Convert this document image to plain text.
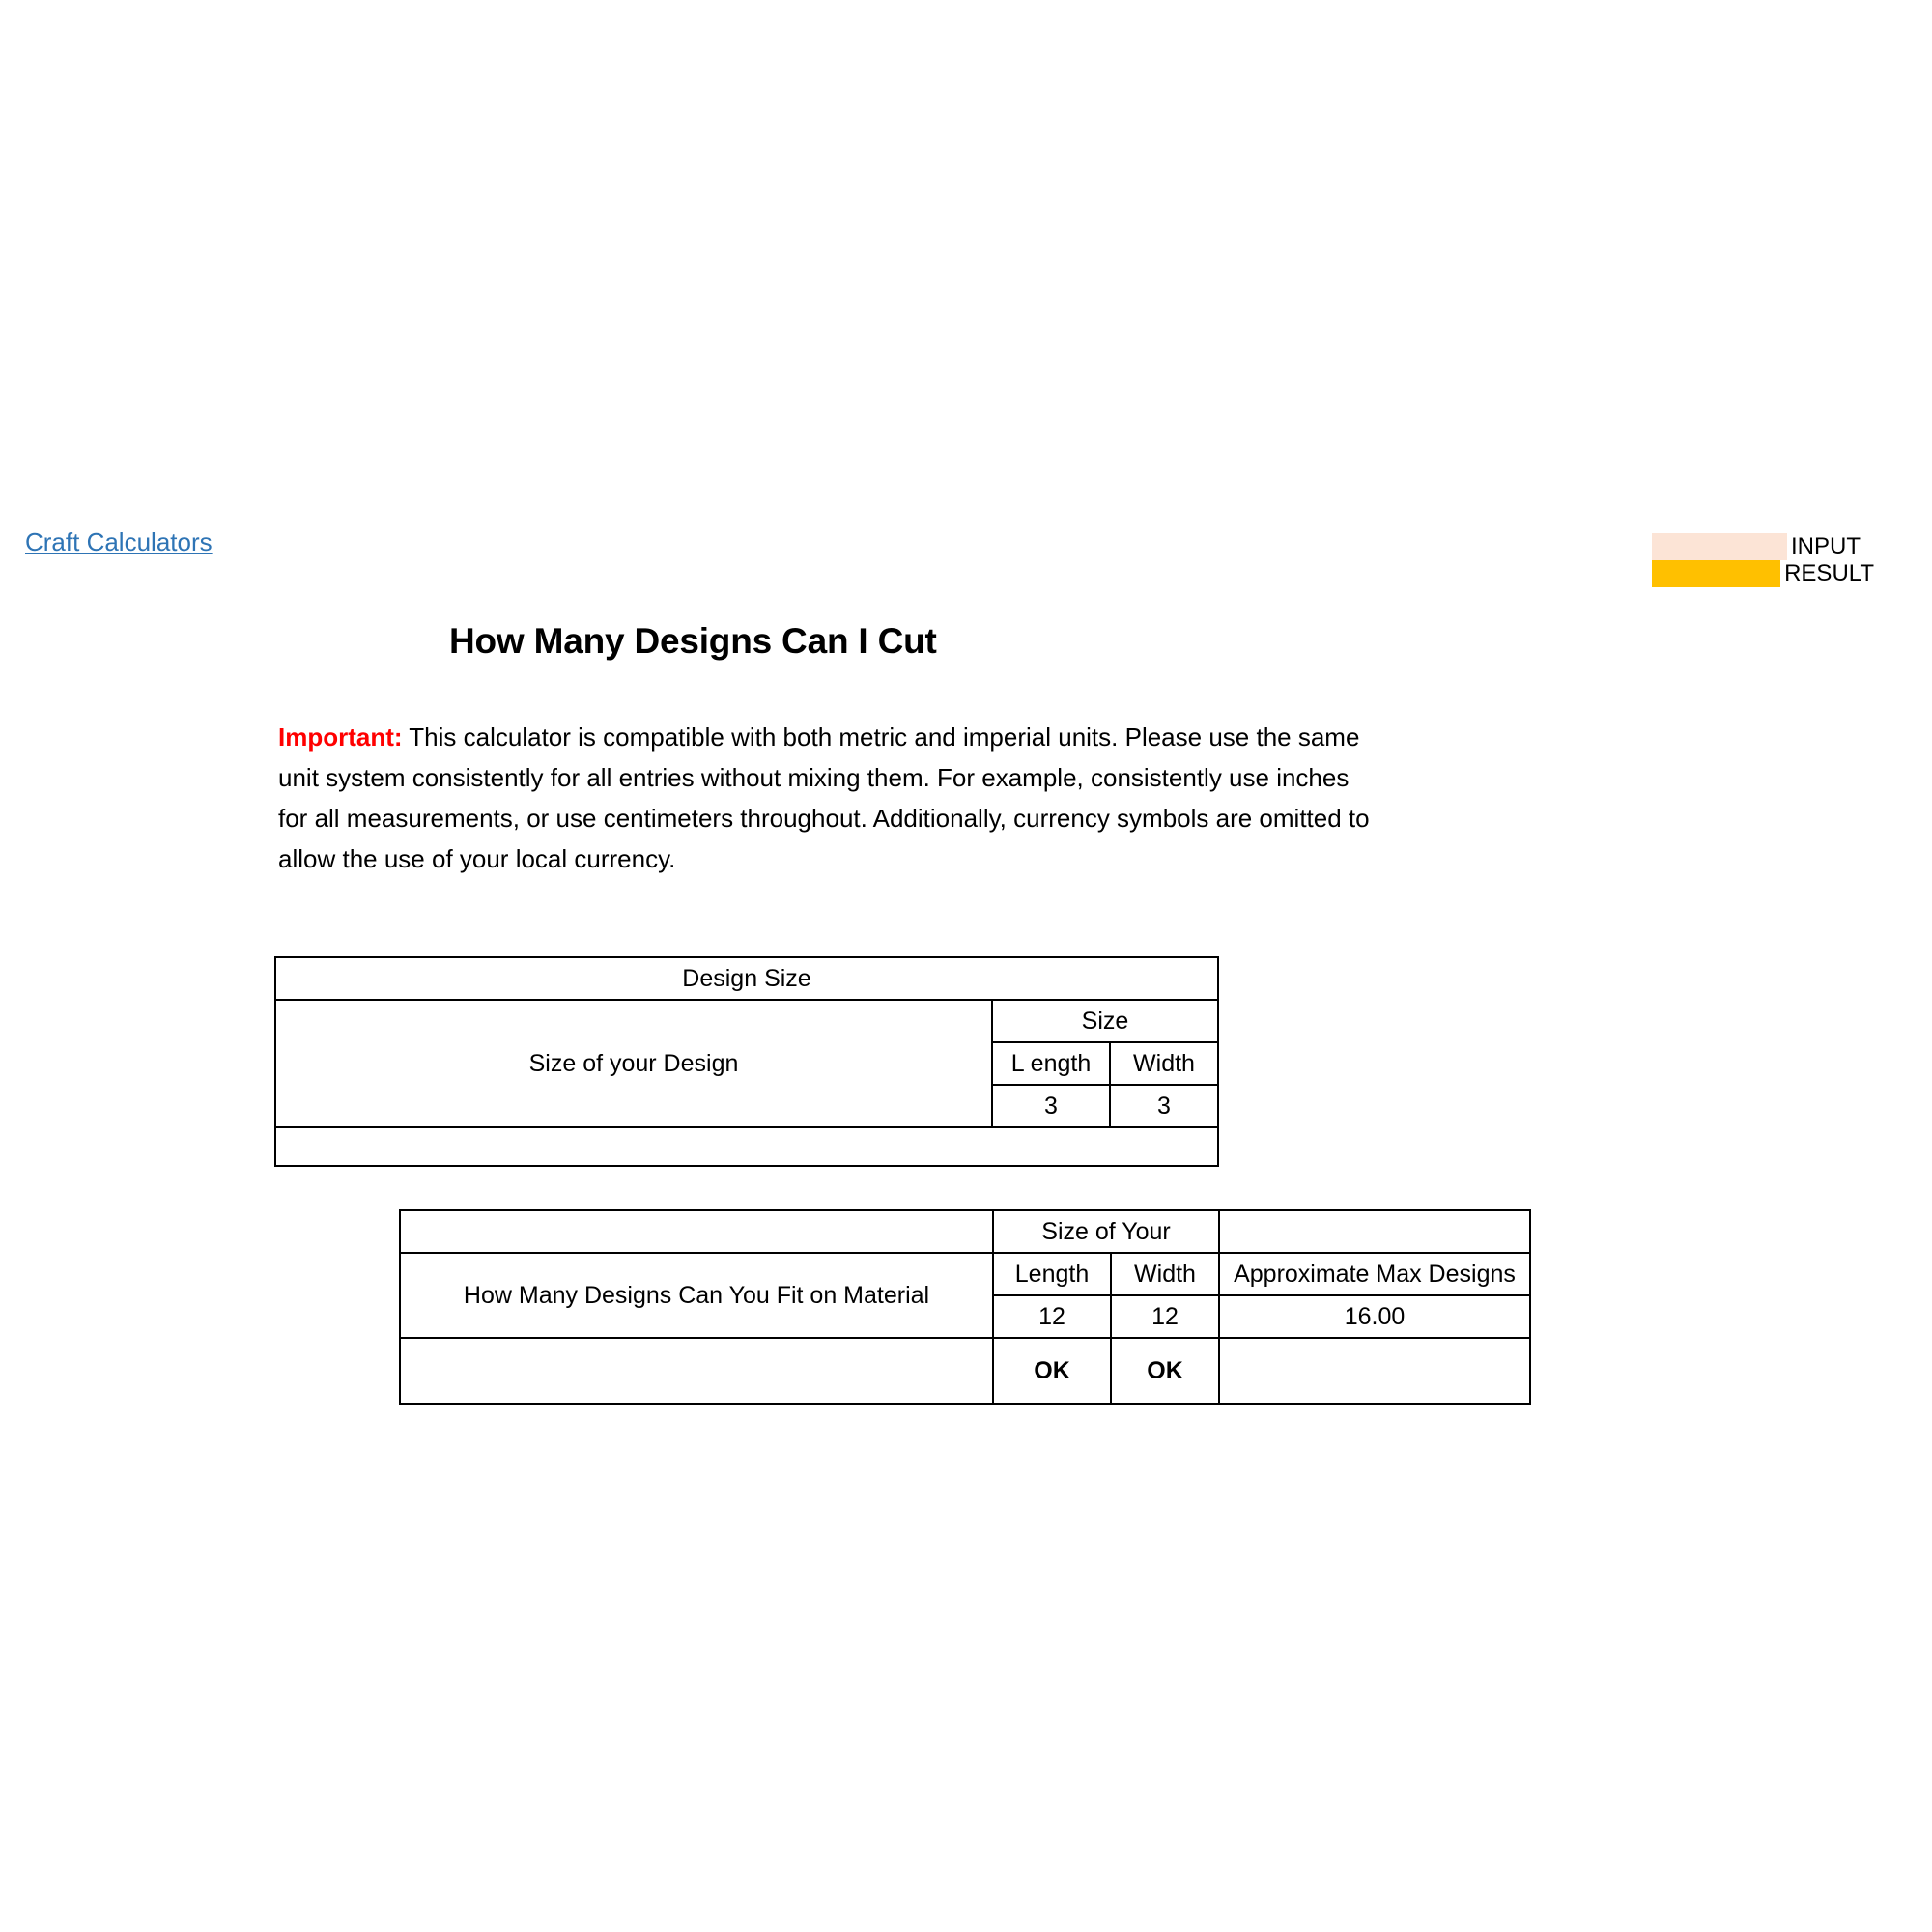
Craft Calculators	INPUT
RESULT
How Many Designs Can I Cut
Important: This calculator is compatible with both metric and imperial units. Please use the same unit system consistently for all entries without mixing them. For example, consistently use inches for all measurements, or use centimeters throughout. Additionally, currency symbols are omitted to allow the use of your local currency.
Design Size		
Size of your Design	Size	
	L ength	Width
	3	3

	Size of Your		
How Many Designs Can You Fit on Material	Length	Width	Approximate Max Designs
	12	12	16.00
	OK	OK	
